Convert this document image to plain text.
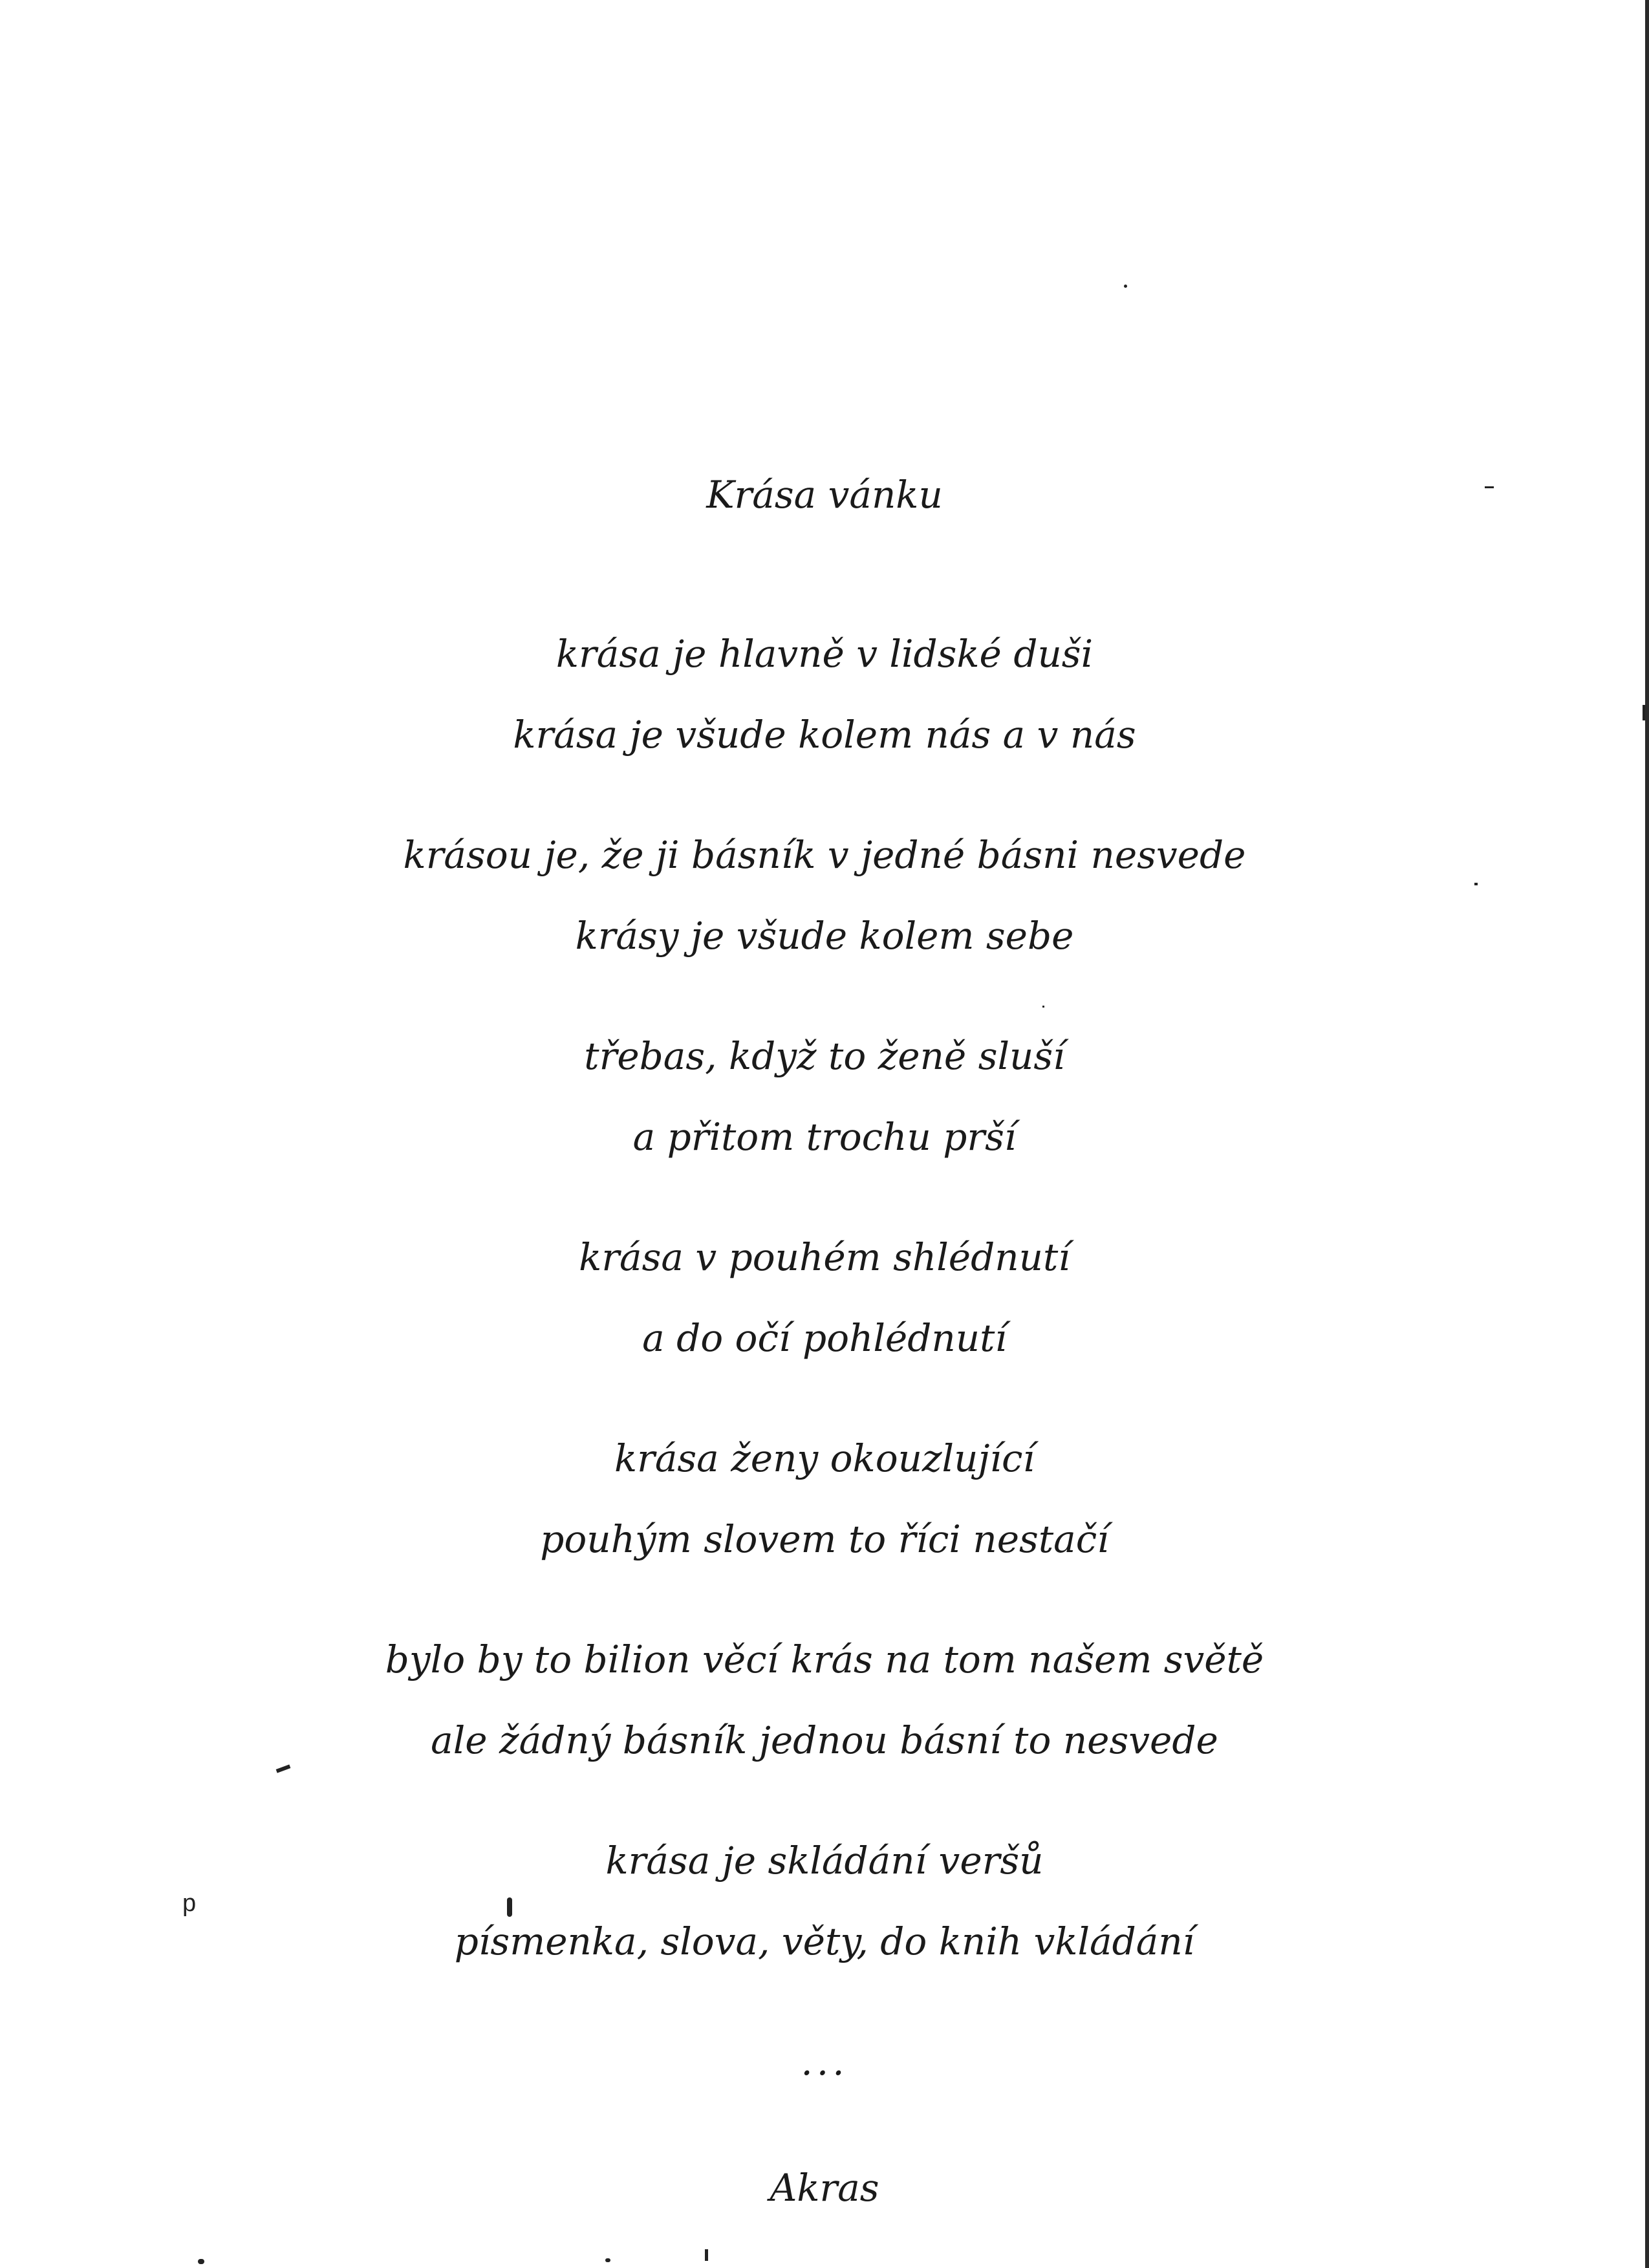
Krása vánku
krása je hlavně v lidské duši
krása je všude kolem nás a v nás
krásou je, že ji básník v jedné básni nesvede
krásy je všude kolem sebe
třebas, když to ženě sluší
a přitom trochu prší
krása v pouhém shlédnutí
a do očí pohlédnutí
krása ženy okouzlující
pouhým slovem to říci nestačí
bylo by to bilion věcí krás na tom našem světě
ale žádný básník jednou básní to nesvede
krása je skládání veršů
písmenka, slova, věty, do knih vkládání
...
Akras
p
